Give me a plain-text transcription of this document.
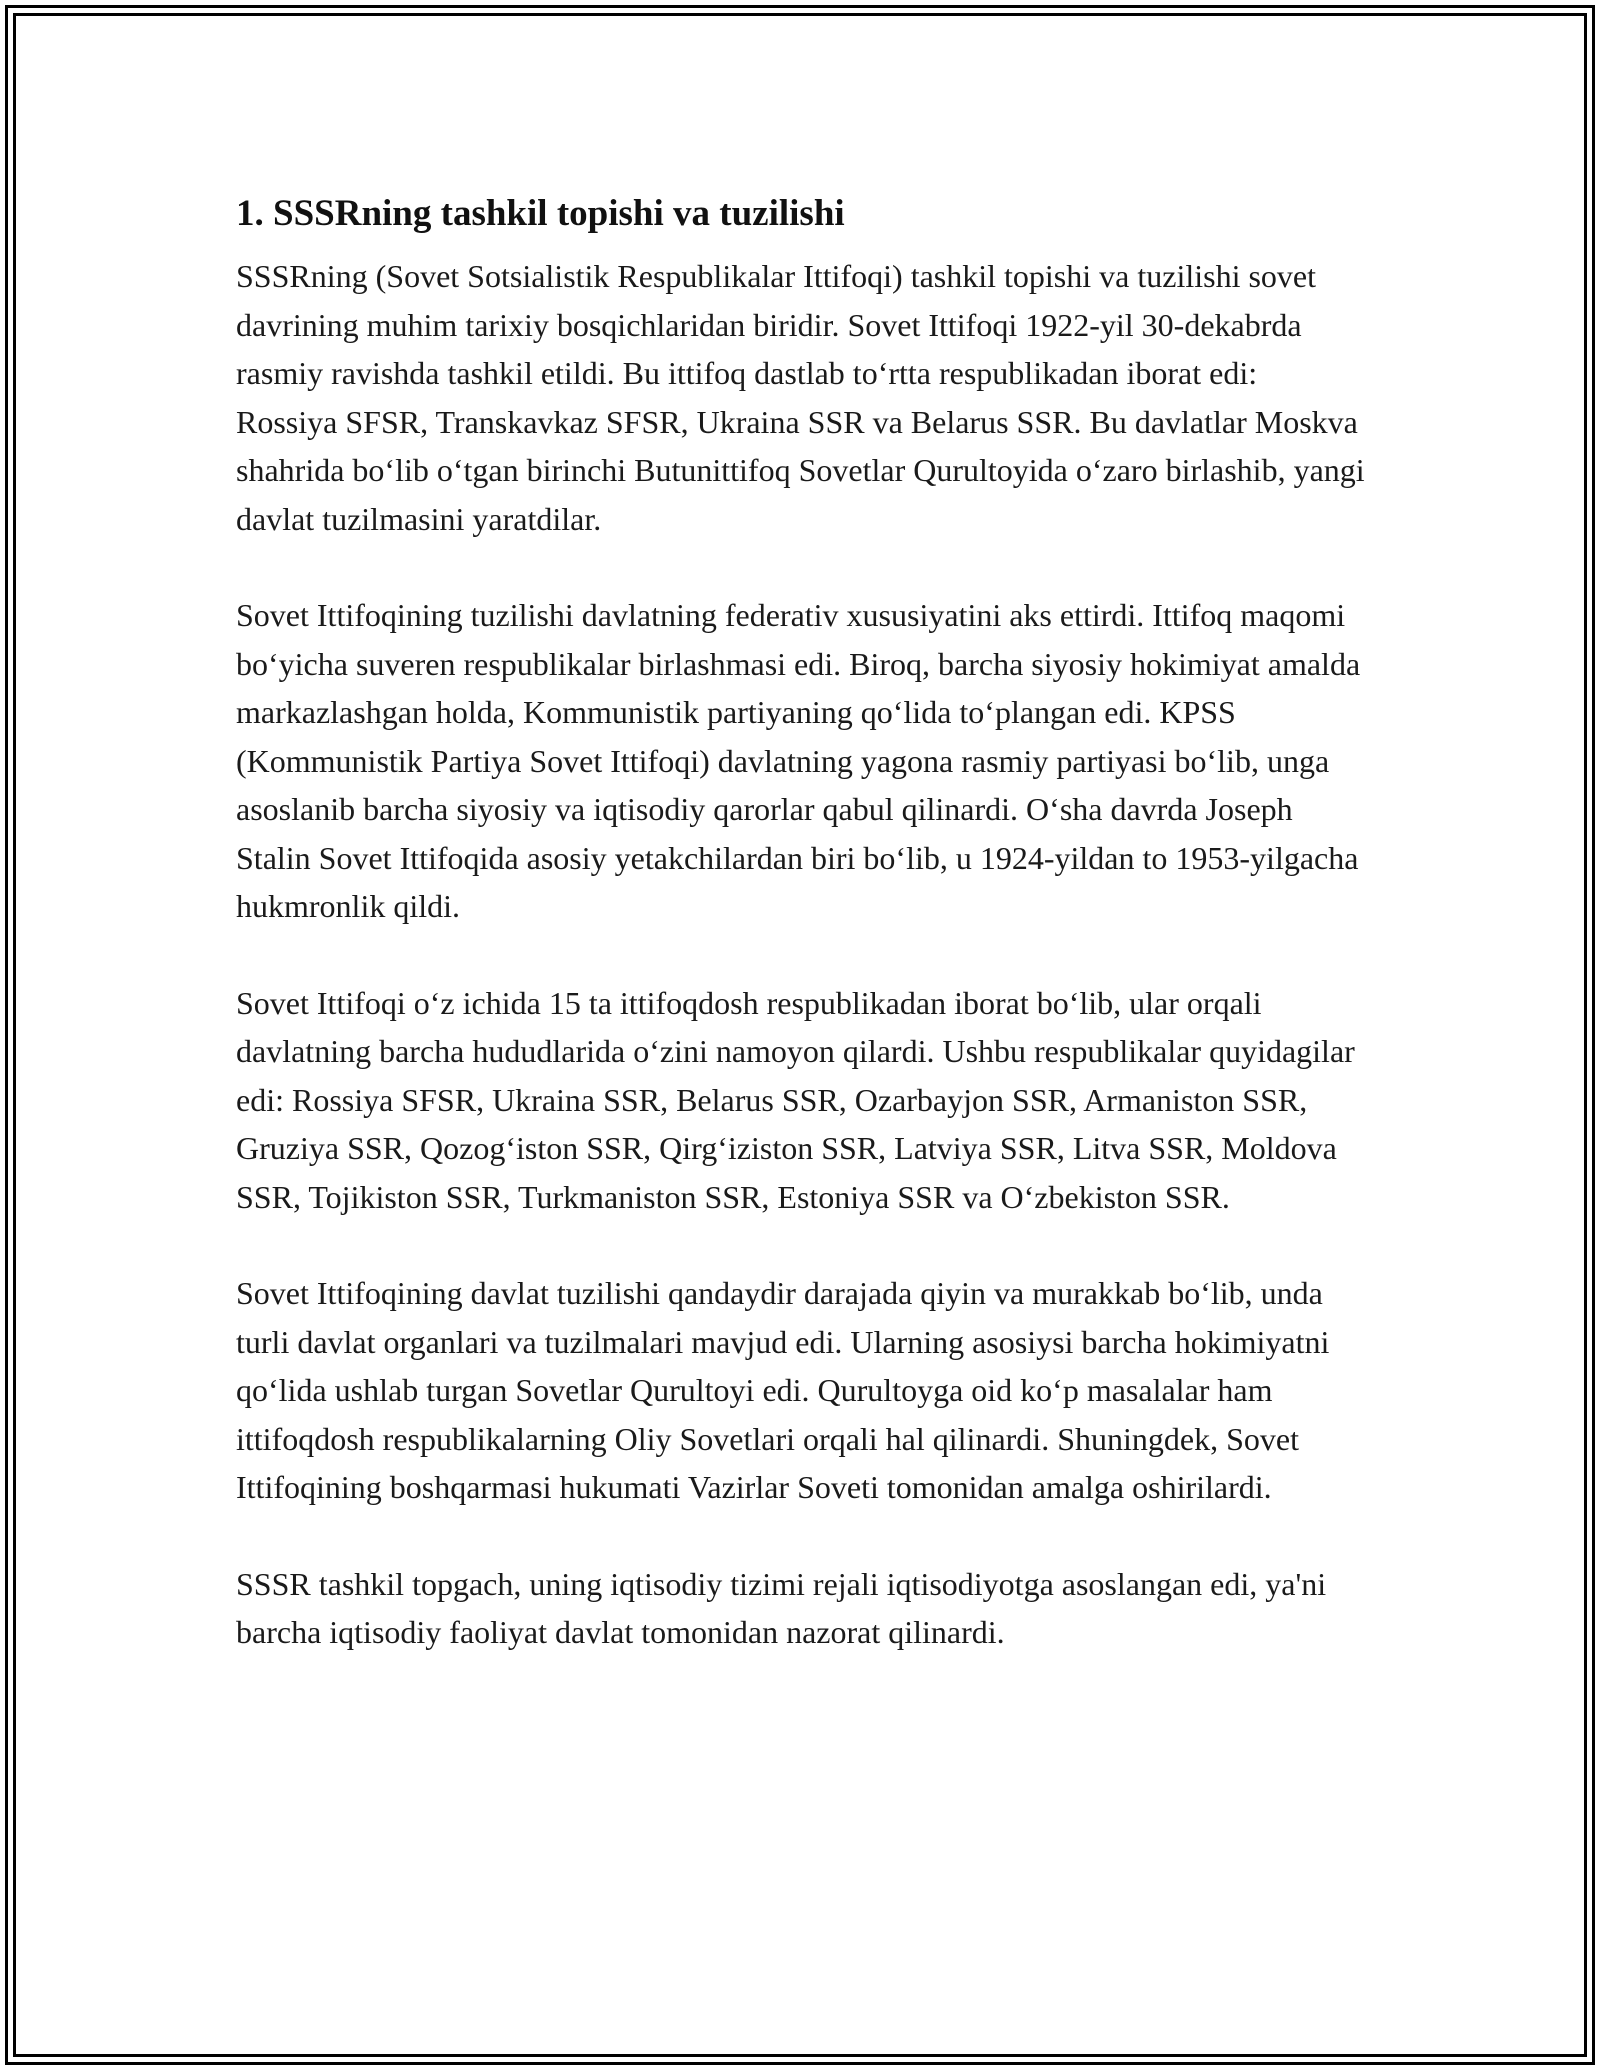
1. SSSRning tashkil topishi va tuzilishi

SSSRning (Sovet Sotsialistik Respublikalar Ittifoqi) tashkil topishi va tuzilishi sovet davrining muhim tarixiy bosqichlaridan biridir. Sovet Ittifoqi 1922-yil 30-dekabrda rasmiy ravishda tashkil etildi. Bu ittifoq dastlab to‘rtta respublikadan iborat edi: Rossiya SFSR, Transkavkaz SFSR, Ukraina SSR va Belarus SSR. Bu davlatlar Moskva shahrida bo‘lib o‘tgan birinchi Butunittifoq Sovetlar Qurultoyida o‘zaro birlashib, yangi davlat tuzilmasini yaratdilar.

Sovet Ittifoqining tuzilishi davlatning federativ xususiyatini aks ettirdi. Ittifoq maqomi bo‘yicha suveren respublikalar birlashmasi edi. Biroq, barcha siyosiy hokimiyat amalda markazlashgan holda, Kommunistik partiyaning qo‘lida to‘plangan edi. KPSS (Kommunistik Partiya Sovet Ittifoqi) davlatning yagona rasmiy partiyasi bo‘lib, unga asoslanib barcha siyosiy va iqtisodiy qarorlar qabul qilinardi. O‘sha davrda Joseph Stalin Sovet Ittifoqida asosiy yetakchilardan biri bo‘lib, u 1924-yildan to 1953-yilgacha hukmronlik qildi.

Sovet Ittifoqi o‘z ichida 15 ta ittifoqdosh respublikadan iborat bo‘lib, ular orqali davlatning barcha hududlarida o‘zini namoyon qilardi. Ushbu respublikalar quyidagilar edi: Rossiya SFSR, Ukraina SSR, Belarus SSR, Ozarbayjon SSR, Armaniston SSR, Gruziya SSR, Qozog‘iston SSR, Qirg‘iziston SSR, Latviya SSR, Litva SSR, Moldova SSR, Tojikiston SSR, Turkmaniston SSR, Estoniya SSR va O‘zbekiston SSR.

Sovet Ittifoqining davlat tuzilishi qandaydir darajada qiyin va murakkab bo‘lib, unda turli davlat organlari va tuzilmalari mavjud edi. Ularning asosiysi barcha hokimiyatni qo‘lida ushlab turgan Sovetlar Qurultoyi edi. Qurultoyga oid ko‘p masalalar ham ittifoqdosh respublikalarning Oliy Sovetlari orqali hal qilinardi. Shuningdek, Sovet Ittifoqining boshqarmasi hukumati Vazirlar Soveti tomonidan amalga oshirilardi.

SSSR tashkil topgach, uning iqtisodiy tizimi rejali iqtisodiyotga asoslangan edi, ya'ni barcha iqtisodiy faoliyat davlat tomonidan nazorat qilinardi.
